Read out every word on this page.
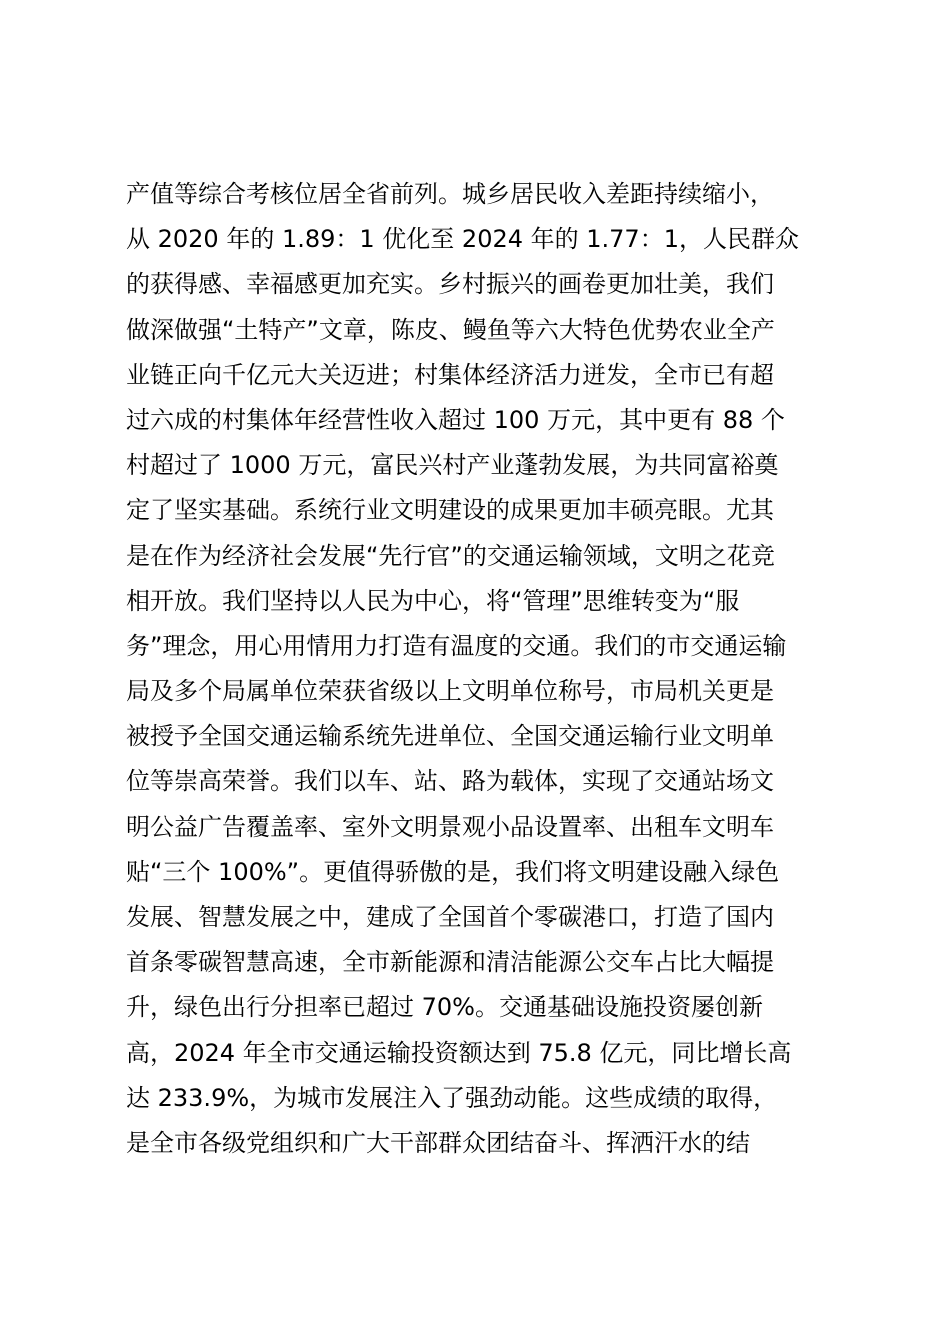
产值等综合考核位居全省前列。城乡居民收入差距持续缩小，
从 2020 年的 1.89：1 优化至 2024 年的 1.77：1，人民群众
的获得感、幸福感更加充实。乡村振兴的画卷更加壮美，我们
做深做强“土特产”文章，陈皮、鳗鱼等六大特色优势农业全产
业链正向千亿元大关迈进；村集体经济活力迸发，全市已有超
过六成的村集体年经营性收入超过 100 万元，其中更有 88 个
村超过了 1000 万元，富民兴村产业蓬勃发展，为共同富裕奠
定了坚实基础。系统行业文明建设的成果更加丰硕亮眼。尤其
是在作为经济社会发展“先行官”的交通运输领域，文明之花竞
相开放。我们坚持以人民为中心，将“管理”思维转变为“服
务”理念，用心用情用力打造有温度的交通。我们的市交通运输
局及多个局属单位荣获省级以上文明单位称号，市局机关更是
被授予全国交通运输系统先进单位、全国交通运输行业文明单
位等崇高荣誉。我们以车、站、路为载体，实现了交通站场文
明公益广告覆盖率、室外文明景观小品设置率、出租车文明车
贴“三个 100%”。更值得骄傲的是，我们将文明建设融入绿色
发展、智慧发展之中，建成了全国首个零碳港口，打造了国内
首条零碳智慧高速，全市新能源和清洁能源公交车占比大幅提
升，绿色出行分担率已超过 70%。交通基础设施投资屡创新
高，2024 年全市交通运输投资额达到 75.8 亿元，同比增长高
达 233.9%，为城市发展注入了强劲动能。这些成绩的取得，
是全市各级党组织和广大干部群众团结奋斗、挥洒汗水的结
